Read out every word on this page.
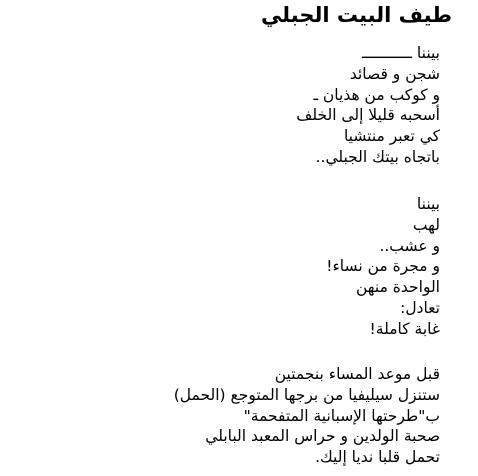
طيف البيت الجبلي
بيننا ـــــــــــ
شجن و قصائد
و كوكب من هذيان ـ
أسحبه قليلا إلى الخلف
كي تعبر منتشيا
باتجاه بيتك الجبلي..
بيننا
لهب
و عشب..
و مجرة من نساء!
الواحدة منهن
تعادل:
غابة كاملة!
قبل موعد المساء بنجمتين
ستنزل سيليفيا من برجها المتوجع (الحمل)
ب"طرحتها الإسبانية المتفحمة"
صحبة الولدين و حراس المعبد البابلي
تحمل قلبا نديا إليك.
